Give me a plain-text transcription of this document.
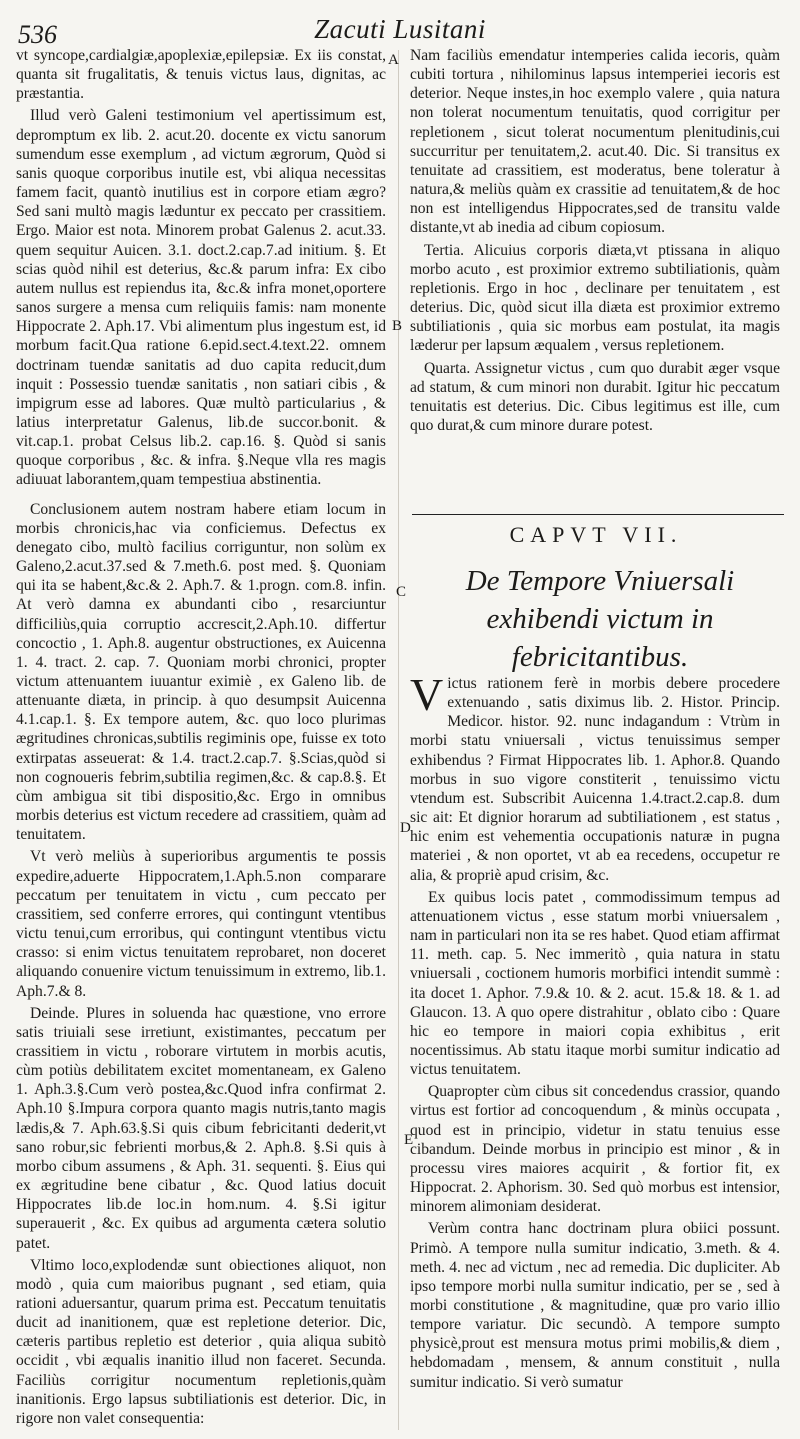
536	Zacuti Lusitani
A
B
C
D
E

vt syncope,cardialgiæ,apoplexiæ,epilepsiæ. Ex iis constat, quanta sit frugalitatis, & tenuis victus laus, dignitas, ac præstantia.

Illud verò Galeni testimonium vel apertissimum est, depromptum ex lib. 2. acut.20. docente ex victu sanorum sumendum esse exemplum , ad victum ægrorum, Quòd si sanis quoque corporibus inutile est, vbi aliqua necessitas famem facit, quantò inutilius est in corpore etiam ægro? Sed sani multò magis læduntur ex peccato per crassitiem. Ergo. Maior est nota. Minorem probat Galenus 2. acut.33. quem sequitur Auicen. 3.1. doct.2.cap.7.ad initium. §. Et scias quòd nihil est deterius, &c.& parum infra: Ex cibo autem nullus est repiendus ita, &c.& infra monet,oportere sanos surgere a mensa cum reliquiis famis: nam monente Hippocrate 2. Aph.17. Vbi alimentum plus ingestum est, id morbum facit.Qua ratione 6.epid.sect.4.text.22. omnem doctrinam tuendæ sanitatis ad duo capita reducit,dum inquit : Possessio tuendæ sanitatis , non satiari cibis , & impigrum esse ad labores. Quæ multò particularius , & latius interpretatur Galenus, lib.de succor.bonit. & vit.cap.1. probat Celsus lib.2. cap.16. §. Quòd si sanis quoque corporibus , &c. & infra. §.Neque vlla res magis adiuuat laborantem,quam tempestiua abstinentia.

Conclusionem autem nostram habere etiam locum in morbis chronicis,hac via conficiemus. Defectus ex denegato cibo, multò facilius corriguntur, non solùm ex Galeno,2.acut.37.sed & 7.meth.6. post med. §. Quoniam qui ita se habent,&c.& 2. Aph.7. & 1.progn. com.8. infin. At verò damna ex abundanti cibo , resarciuntur difficiliùs,quia corruptio accrescit,2.Aph.10. differtur concoctio , 1. Aph.8. augentur obstructiones, ex Auicenna 1. 4. tract. 2. cap. 7. Quoniam morbi chronici, propter victum attenuantem iuuantur eximiè , ex Galeno lib. de attenuante diæta, in princip. à quo desumpsit Auicenna 4.1.cap.1. §. Ex tempore autem, &c. quo loco plurimas ægritudines chronicas,subtilis regiminis ope, fuisse ex toto extirpatas asseuerat: & 1.4. tract.2.cap.7. §.Scias,quòd si non cognoueris febrim,subtilia regimen,&c. & cap.8.§. Et cùm ambigua sit tibi dispositio,&c. Ergo in omnibus morbis deterius est victum recedere ad crassitiem, quàm ad tenuitatem.

Vt verò meliùs à superioribus argumentis te possis expedire,aduerte Hippocratem,1.Aph.5.non comparare peccatum per tenuitatem in victu , cum peccato per crassitiem, sed conferre errores, qui contingunt vtentibus victu tenui,cum erroribus, qui contingunt vtentibus victu crasso: si enim victus tenuitatem reprobaret, non doceret aliquando conuenire victum tenuissimum in extremo, lib.1. Aph.7.& 8.

Deinde. Plures in soluenda hac quæstione, vno errore satis triuiali sese irretiunt, existimantes, peccatum per crassitiem in victu , roborare virtutem in morbis acutis, cùm potiùs debilitatem excitet momentaneam, ex Galeno 1. Aph.3.§.Cum verò postea,&c.Quod infra confirmat 2. Aph.10 §.Impura corpora quanto magis nutris,tanto magis lædis,& 7. Aph.63.§.Si quis cibum febricitanti dederit,vt sano robur,sic febrienti morbus,& 2. Aph.8. §.Si quis à morbo cibum assumens , & Aph. 31. sequenti. §. Eius qui ex ægritudine bene cibatur , &c. Quod latius docuit Hippocrates lib.de loc.in hom.num. 4. §.Si igitur superauerit , &c. Ex quibus ad argumenta cætera solutio patet.

Vltimo loco,explodendæ sunt obiectiones aliquot, non modò , quia cum maioribus pugnant , sed etiam, quia rationi aduersantur, quarum prima est. Peccatum tenuitatis ducit ad inanitionem, quæ est repletione deterior. Dic, cæteris partibus repletio est deterior , quia aliqua subitò occidit , vbi æqualis inanitio illud non faceret. Secunda. Faciliùs corrigitur nocumentum repletionis,quàm inanitionis. Ergo lapsus subtiliationis est deterior. Dic, in rigore non valet consequentia:

Nam faciliùs emendatur intemperies calida iecoris, quàm cubiti tortura , nihilominus lapsus intemperiei iecoris est deterior. Neque instes,in hoc exemplo valere , quia natura non tolerat nocumentum tenuitatis, quod corrigitur per repletionem , sicut tolerat nocumentum plenitudinis,cui succurritur per tenuitatem,2. acut.40. Dic. Si transitus ex tenuitate ad crassitiem, est moderatus, bene toleratur à natura,& meliùs quàm ex crassitie ad tenuitatem,& de hoc non est intelligendus Hippocrates,sed de transitu valde distante,vt ab inedia ad cibum copiosum.

Tertia. Alicuius corporis diæta,vt ptissana in aliquo morbo acuto , est proximior extremo subtiliationis, quàm repletionis. Ergo in hoc , declinare per tenuitatem , est deterius. Dic, quòd sicut illa diæta est proximior extremo subtiliationis , quia sic morbus eam postulat, ita magis læderur per lapsum æqualem , versus repletionem.

Quarta. Assignetur victus , cum quo durabit æger vsque ad statum, & cum minori non durabit. Igitur hic peccatum tenuitatis est deterius. Dic. Cibus legitimus est ille, cum quo durat,& cum minore durare potest.

CAPVT VII.
De Tempore Vniuersali exhibendi victum in febricitantibus.

Victus rationem ferè in morbis debere procedere extenuando , satis diximus lib. 2. Histor. Princip. Medicor. histor. 92. nunc indagandum : Vtrùm in morbi statu vniuersali , victus tenuissimus semper exhibendus ? Firmat Hippocrates lib. 1. Aphor.8. Quando morbus in suo vigore constiterit , tenuissimo victu vtendum est. Subscribit Auicenna 1.4.tract.2.cap.8. dum sic ait: Et dignior horarum ad subtiliationem , est status , hic enim est vehementia occupationis naturæ in pugna materiei , & non oportet, vt ab ea recedens, occupetur re alia, & propriè apud crisim, &c.

Ex quibus locis patet , commodissimum tempus ad attenuationem victus , esse statum morbi vniuersalem , nam in particulari non ita se res habet. Quod etiam affirmat 11. meth. cap. 5. Nec immeritò , quia natura in statu vniuersali , coctionem humoris morbifici intendit summè : ita docet 1. Aphor. 7.9.& 10. & 2. acut. 15.& 18. & 1. ad Glaucon. 13. A quo opere distrahitur , oblato cibo : Quare hic eo tempore in maiori copia exhibitus , erit nocentissimus. Ab statu itaque morbi sumitur indicatio ad victus tenuitatem.

Quapropter cùm cibus sit concedendus crassior, quando virtus est fortior ad concoquendum , & minùs occupata , quod est in principio, videtur in statu tenuius esse cibandum. Deinde morbus in principio est minor , & in processu vires maiores acquirit , & fortior fit, ex Hippocrat. 2. Aphorism. 30. Sed quò morbus est intensior, minorem alimoniam desiderat.

Verùm contra hanc doctrinam plura obiici possunt. Primò. A tempore nulla sumitur indicatio, 3.meth. & 4. meth. 4. nec ad victum , nec ad remedia. Dic dupliciter. Ab ipso tempore morbi nulla sumitur indicatio, per se , sed à morbi constitutione , & magnitudine, quæ pro vario illio tempore variatur. Dic secundò. A tempore sumpto physicè,prout est mensura motus primi mobilis,& diem , hebdomadam , mensem, & annum constituit , nulla sumitur indicatio. Si verò sumatur
